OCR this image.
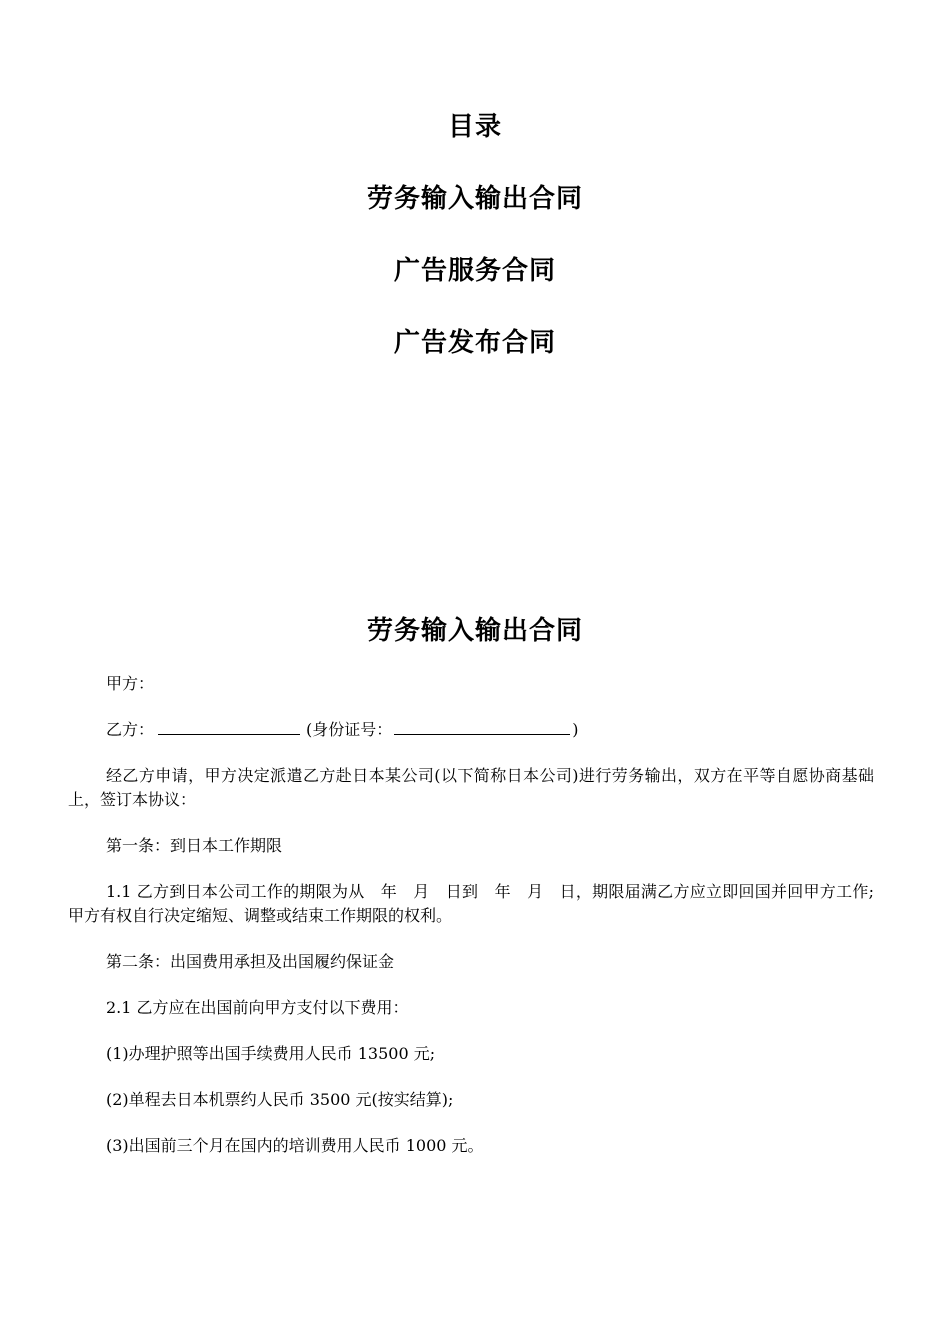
目录
劳务输入输出合同
广告服务合同
广告发布合同
劳务输入输出合同

甲方：

乙方：	(身份证号：	)

经乙方申请，甲方决定派遣乙方赴日本某公司(以下简称日本公司)进行劳务输出，双方在平等自愿协商基础上，签订本协议：

第一条：到日本工作期限

1.1 乙方到日本公司工作的期限为从　年　月　日到　年　月　日，期限届满乙方应立即回国并回甲方工作;甲方有权自行决定缩短、调整或结束工作期限的权利。

第二条：出国费用承担及出国履约保证金

2.1 乙方应在出国前向甲方支付以下费用：

(1)办理护照等出国手续费用人民币 13500 元;

(2)单程去日本机票约人民币 3500 元(按实结算);

(3)出国前三个月在国内的培训费用人民币 1000 元。
